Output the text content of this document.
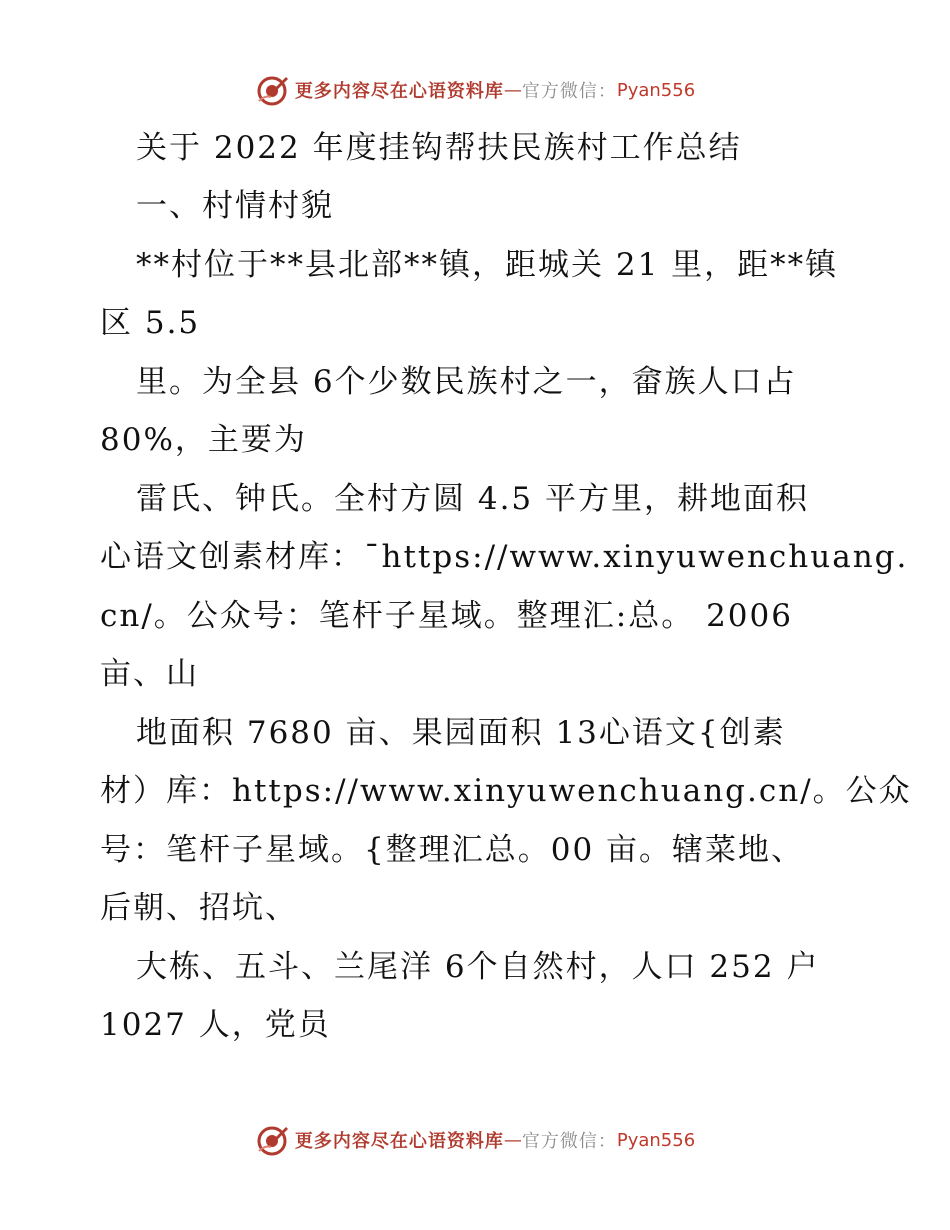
更多内容尽在心语资料库 — 官方微信： Pyan556
关于 2022 年度挂钩帮扶民族村工作总结
一、村情村貌
**村位于**县北部**镇，距城关 21 里，距**镇
区 5.5
里。为全县 6个少数民族村之一，畲族人口占
80%，主要为
雷氏、钟氏。全村方圆 4.5 平方里，耕地面积
心语文创素材库：¯https://www.xinyuwenchuang.
cn/。公众号：笔杆子星域。整理汇:总。 2006
亩、山
地面积 7680 亩、果园面积 13心语文{创素
材）库：https://www.xinyuwenchuang.cn/。公众
号：笔杆子星域。{整理汇总。00 亩。辖菜地、
后朝、招坑、
大栋、五斗、兰尾洋 6个自然村，人口 252 户
1027 人，党员
更多内容尽在心语资料库 — 官方微信： Pyan556
